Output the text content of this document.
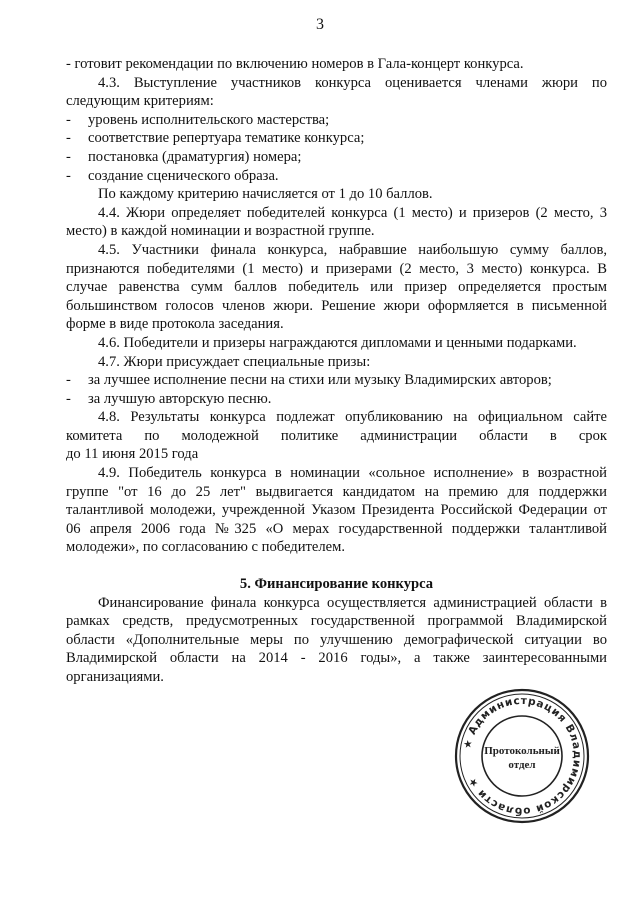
3

- готовит рекомендации по включению номеров в Гала-концерт конкурса.

4.3. Выступление участников конкурса оценивается членами жюри по следующим критериям:

-	уровень исполнительского мастерства;
-	соответствие репертуара тематике конкурса;
-	постановка (драматургия) номера;
-	создание сценического образа.

По каждому критерию начисляется от 1 до 10 баллов.

4.4. Жюри определяет победителей конкурса (1 место) и призеров (2 место, 3 место) в каждой номинации и возрастной группе.

4.5. Участники финала конкурса, набравшие наибольшую сумму баллов, признаются победителями (1 место) и призерами (2 место, 3 место) конкурса. В случае равенства сумм баллов победитель или призер определяется простым большинством голосов членов жюри. Решение жюри оформляется в письменной форме в виде протокола заседания.

4.6. Победители и призеры награждаются дипломами и ценными подарками.

4.7. Жюри присуждает специальные призы:

-	за лучшее исполнение песни на стихи или музыку Владимирских авторов;
-	за лучшую авторскую песню.

4.8. Результаты конкурса подлежат опубликованию на официальном сайте

комитета по молодежной политике администрации области в срок

до 11 июня 2015 года

4.9. Победитель конкурса в номинации «сольное исполнение» в возрастной группе "от 16 до 25 лет" выдвигается кандидатом на премию для поддержки талантливой молодежи, учрежденной Указом Президента Российской Федерации от 06 апреля 2006 года №325 «О мерах государственной поддержки талантливой молодежи», по согласованию с победителем.

5. Финансирование конкурса

Финансирование финала конкурса осуществляется администрацией области в рамках средств, предусмотренных государственной программой Владимирской области «Дополнительные меры по улучшению демографической ситуации во Владимирской области на 2014 - 2016 годы», а также заинтересованными организациями.

★ Администрация Владимирской области ★
Протокольный
отдел
